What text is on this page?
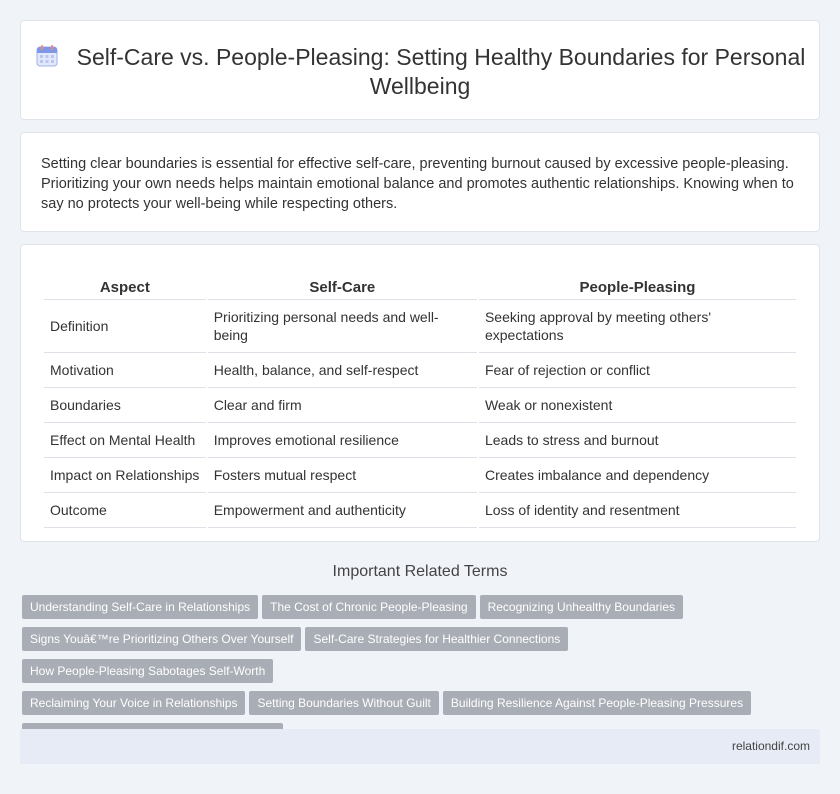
Self-Care vs. People-Pleasing: Setting Healthy Boundaries for Personal Wellbeing

Setting clear boundaries is essential for effective self-care, preventing burnout caused by excessive people-pleasing. Prioritizing your own needs helps maintain emotional balance and promotes authentic relationships. Knowing when to say no protects your well-being while respecting others.

Aspect	Self-Care	People-Pleasing
Definition	Prioritizing personal needs and well-being	Seeking approval by meeting others' expectations
Motivation	Health, balance, and self-respect	Fear of rejection or conflict
Boundaries	Clear and firm	Weak or nonexistent
Effect on Mental Health	Improves emotional resilience	Leads to stress and burnout
Impact on Relationships	Fosters mutual respect	Creates imbalance and dependency
Outcome	Empowerment and authenticity	Loss of identity and resentment
Important Related Terms
Understanding Self-Care in Relationships The Cost of Chronic People-Pleasing Recognizing Unhealthy Boundaries
Signs Youâ€™re Prioritizing Others Over Yourself Self-Care Strategies for Healthier ConnectionsHow People-Pleasing Sabotages Self-Worth
Reclaiming Your Voice in Relationships Setting Boundaries Without Guilt Building Resilience Against People-Pleasing Pressures

relationdif.com
